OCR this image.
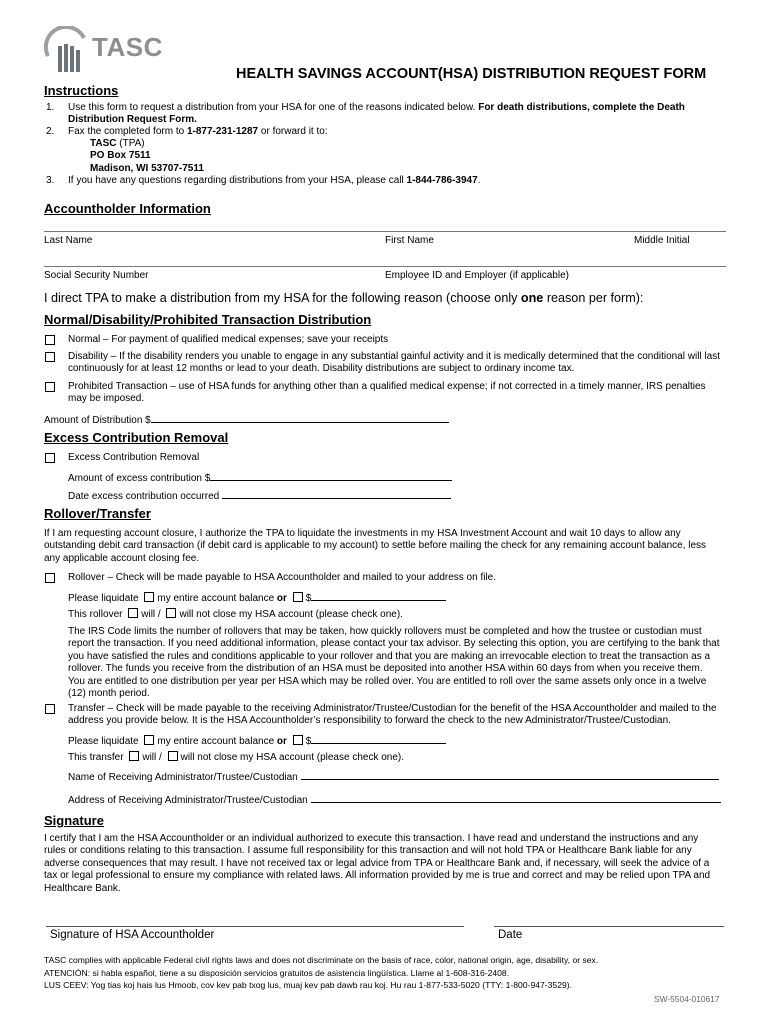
TASC
HEALTH SAVINGS ACCOUNT(HSA) DISTRIBUTION REQUEST FORM
Instructions
1. Use this form to request a distribution from your HSA for one of the reasons indicated below. For death distributions, complete the Death
Distribution Request Form.
2. Fax the completed form to 1-877-231-1287 or forward it to:
TASC (TPA)
PO Box 7511
Madison, WI 53707-7511
3. If you have any questions regarding distributions from your HSA, please call 1-844-786-3947.
Accountholder Information
Last Name	First Name	Middle Initial
Social Security Number	Employee ID and Employer (if applicable)
I direct TPA to make a distribution from my HSA for the following reason (choose only one reason per form):
Normal/Disability/Prohibited Transaction Distribution
Normal – For payment of qualified medical expenses; save your receipts
Disability – If the disability renders you unable to engage in any substantial gainful activity and it is medically determined that the conditional will last
continuously for at least 12 months or lead to your death. Disability distributions are subject to ordinary income tax.
Prohibited Transaction – use of HSA funds for anything other than a qualified medical expense; if not corrected in a timely manner, IRS penalties
may be imposed.
Amount of Distribution $
Excess Contribution Removal
Excess Contribution Removal
Amount of excess contribution $
Date excess contribution occurred
Rollover/Transfer
If I am requesting account closure, I authorize the TPA to liquidate the investments in my HSA Investment Account and wait 10 days to allow any
outstanding debit card transaction (if debit card is applicable to my account) to settle before mailing the check for any remaining account balance, less
any applicable account closing fee.
Rollover – Check will be made payable to HSA Accountholder and mailed to your address on file.
Please liquidate my entire account balance or $
This rollover will / will not close my HSA account (please check one).
The IRS Code limits the number of rollovers that may be taken, how quickly rollovers must be completed and how the trustee or custodian must
report the transaction. If you need additional information, please contact your tax advisor. By selecting this option, you are certifying to the bank that
you have satisfied the rules and conditions applicable to your rollover and that you are making an irrevocable election to treat the transaction as a
rollover. The funds you receive from the distribution of an HSA must be deposited into another HSA within 60 days from when you receive them.
You are entitled to one distribution per year per HSA which may be rolled over. You are entitled to roll over the same assets only once in a twelve
(12) month period.
Transfer – Check will be made payable to the receiving Administrator/Trustee/Custodian for the benefit of the HSA Accountholder and mailed to the
address you provide below. It is the HSA Accountholder’s responsibility to forward the check to the new Administrator/Trustee/Custodian.
Please liquidate my entire account balance or $
This transfer will / will not close my HSA account (please check one).
Name of Receiving Administrator/Trustee/Custodian
Address of Receiving Administrator/Trustee/Custodian
Signature
I certify that I am the HSA Accountholder or an individual authorized to execute this transaction. I have read and understand the instructions and any
rules or conditions relating to this transaction. I assume full responsibility for this transaction and will not hold TPA or Healthcare Bank liable for any
adverse consequences that may result. I have not received tax or legal advice from TPA or Healthcare Bank and, if necessary, will seek the advice of a
tax or legal professional to ensure my compliance with related laws. All information provided by me is true and correct and may be relied upon TPA and
Healthcare Bank.
Signature of HSA Accountholder	Date
TASC complies with applicable Federal civil rights laws and does not discriminate on the basis of race, color, national origin, age, disability, or sex.
ATENCIÓN: si habla español, tiene a su disposición servicios gratuitos de asistencia lingüística. Llame al 1-608-316-2408.
LUS CEEV: Yog tias koj hais lus Hmoob, cov kev pab txog lus, muaj kev pab dawb rau koj. Hu rau 1-877-533-5020 (TTY: 1-800-947-3529).
SW-5504-010617
